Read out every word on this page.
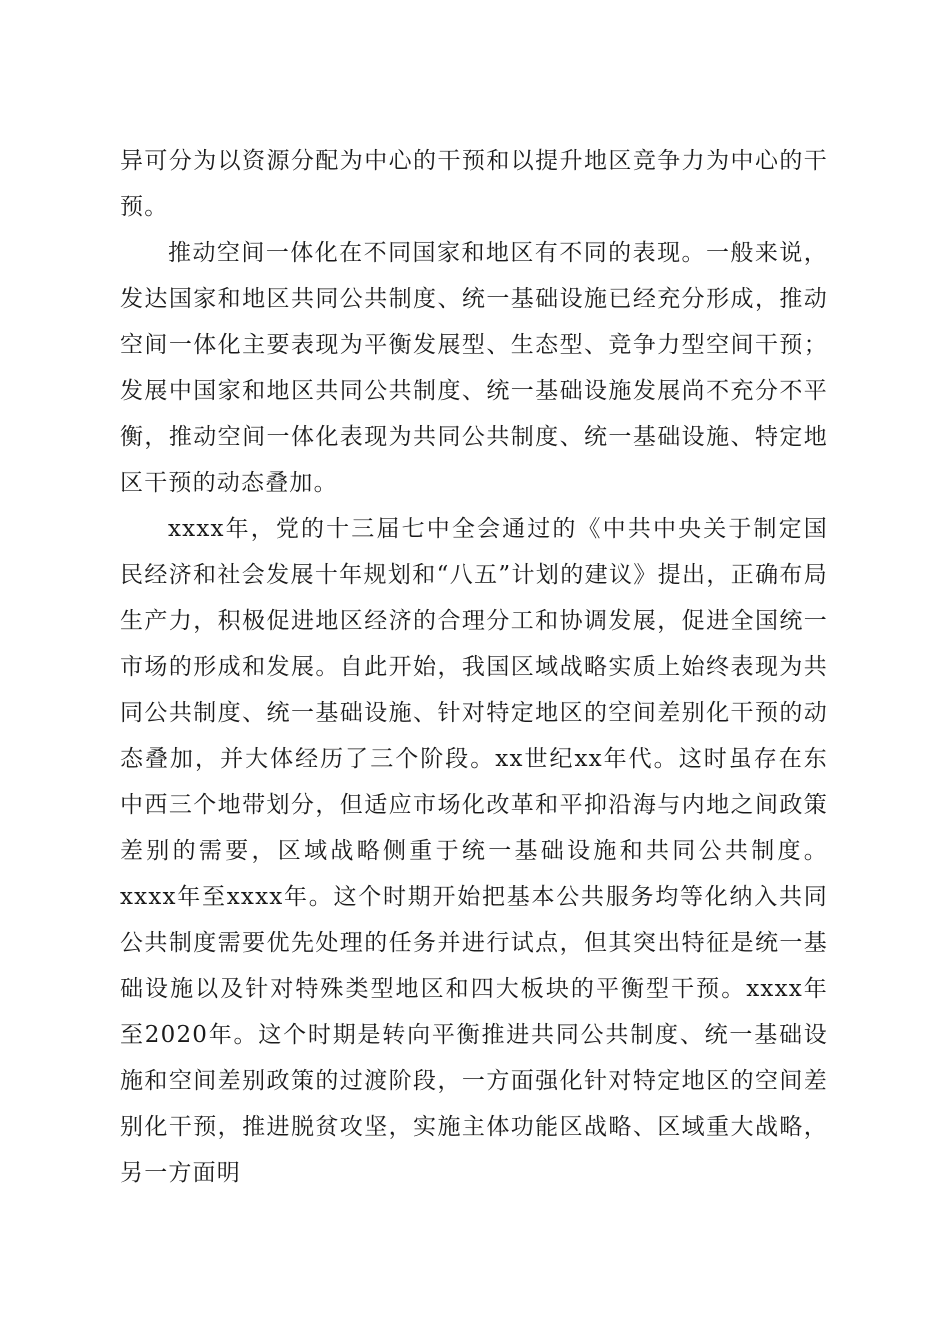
异可分为以资源分配为中心的干预和以提升地区竞争力为中心的干预。

推动空间一体化在不同国家和地区有不同的表现。一般来说，发达国家和地区共同公共制度、统一基础设施已经充分形成，推动空间一体化主要表现为平衡发展型、生态型、竞争力型空间干预；发展中国家和地区共同公共制度、统一基础设施发展尚不充分不平衡，推动空间一体化表现为共同公共制度、统一基础设施、特定地区干预的动态叠加。

xxxx年，党的十三届七中全会通过的《中共中央关于制定国民经济和社会发展十年规划和“八五”计划的建议》提出，正确布局生产力，积极促进地区经济的合理分工和协调发展，促进全国统一市场的形成和发展。自此开始，我国区域战略实质上始终表现为共同公共制度、统一基础设施、针对特定地区的空间差别化干预的动态叠加，并大体经历了三个阶段。xx世纪xx年代。这时虽存在东中西三个地带划分，但适应市场化改革和平抑沿海与内地之间政策差别的需要，区域战略侧重于统一基础设施和共同公共制度。xxxx年至xxxx年。这个时期开始把基本公共服务均等化纳入共同公共制度需要优先处理的任务并进行试点，但其突出特征是统一基础设施以及针对特殊类型地区和四大板块的平衡型干预。xxxx年至2020年。这个时期是转向平衡推进共同公共制度、统一基础设施和空间差别政策的过渡阶段，一方面强化针对特定地区的空间差别化干预，推进脱贫攻坚，实施主体功能区战略、区域重大战略，另一方面明
